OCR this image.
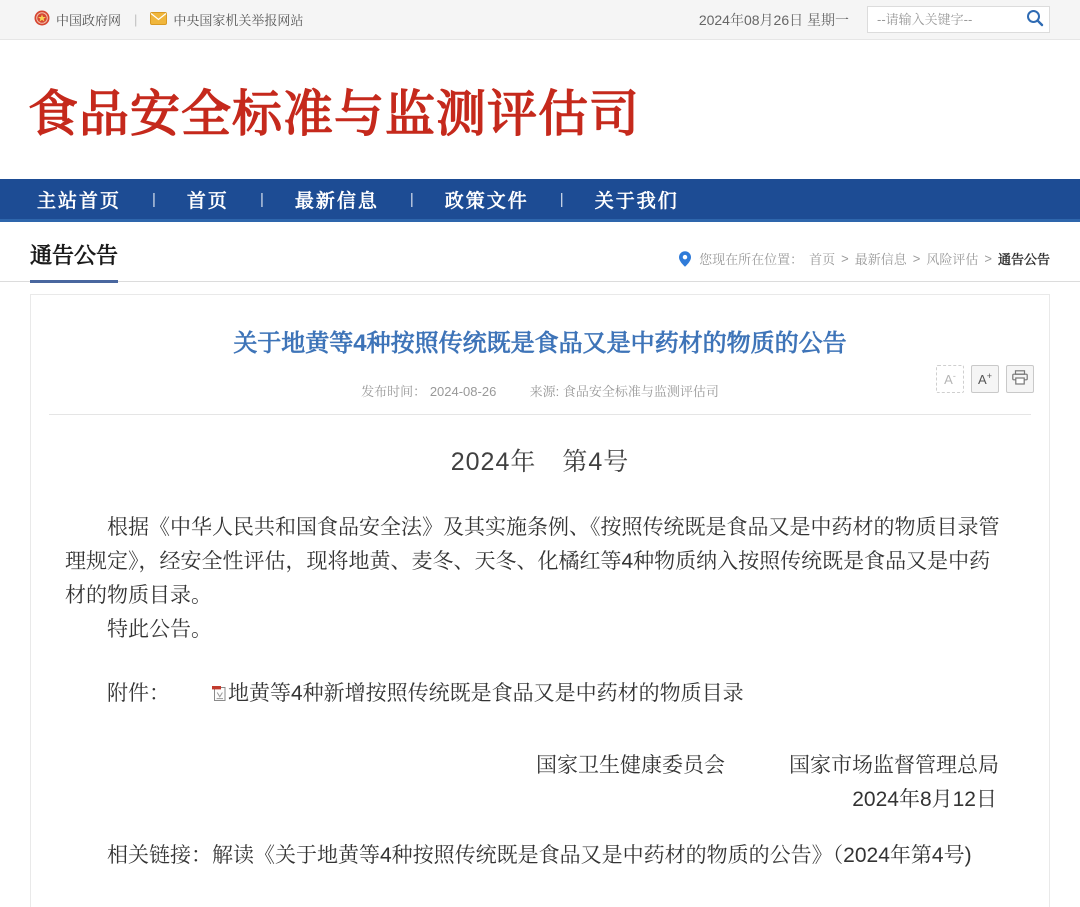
中国政府网 |	中央国家机关举报网站	2024年08月26日 星期一
--请输入关键字--
食品安全标准与监测评估司
主站首页 | 首页 | 最新信息 | 政策文件 | 关于我们
通告公告	您现在所在位置： 首页 > 最新信息 > 风险评估 > 通告公告
关于地黄等4种按照传统既是食品又是中药材的物质的公告
发布时间： 2024-08-26	来源: 食品安全标准与监测评估司
A- A+
2024年　第4号

根据《中华人民共和国食品安全法》及其实施条例、《按照传统既是食品又是中药材的物质目录管理规定》，经安全性评估，现将地黄、麦冬、天冬、化橘红等4种物质纳入按照传统既是食品又是中药材的物质目录。

特此公告。

附件：	地黄等4种新增按照传统既是食品又是中药材的物质目录

国家卫生健康委员会	国家市场监督管理总局
2024年8月12日

相关链接：解读《关于地黄等4种按照传统既是食品又是中药材的物质的公告》（2024年第4号)
